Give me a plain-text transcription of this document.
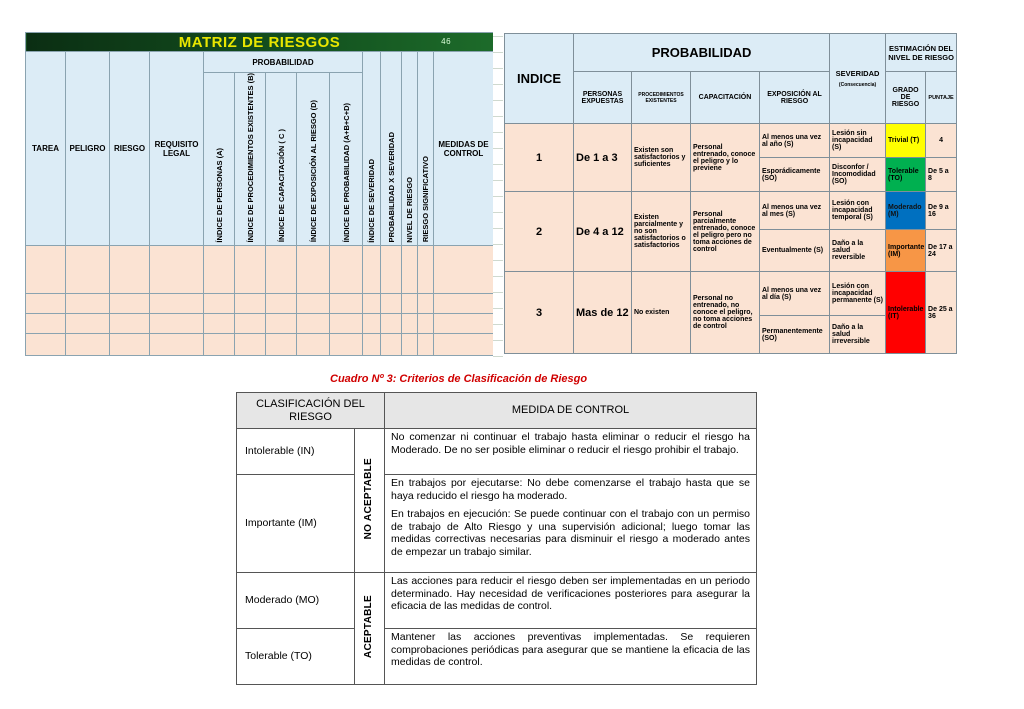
MATRIZ DE RIESGOS 46													

TAREA	PELIGRO	RIESGO	REQUISITO LEGAL	PROBABILIDAD					ÍNDICE DE SEVERIDAD	PROBABILIDAD X SEVERIDAD	NIVEL DE RIESGO	RIESGO SIGNIFICATIVO	MEDIDAS DE CONTROL

				ÍNDICE DE PERSONAS (A)	ÍNDICE DE PROCEDIMIENTOS EXISTENTES (B)	ÍNDICE DE CAPACITACIÓN ( C )	ÍNDICE DE EXPOSICIÓN AL RIESGO (D)	ÍNDICE DE PROBABILIDAD (A+B+C+D)					

INDICE	PROBABILIDAD				SEVERIDAD
(Consecuencia)	ESTIMACIÓN DEL NIVEL DE RIESGO	
	PERSONAS EXPUESTAS	PROCEDIMIENTOS EXISTENTES	CAPACITACIÓN	EXPOSICIÓN AL RIESGO		GRADO DE RIESGO	PUNTAJE
1	De 1 a 3	Existen son satisfactorios y suficientes	Personal entrenado, conoce el peligro y lo previene	Al menos una vez al año (S)	Lesión sin incapacidad (S)	Trivial (T)	4
				Esporádicamente (SO)	Disconfor / Incomodidad (SO)	Tolerable (TO)	De 5 a 8
2	De 4 a 12	Existen parcialmente y no son satisfactorios o satisfactorios	Personal parcialmente entrenado, conoce el peligro pero no toma acciones de control	Al menos una vez al mes (S)	Lesión con incapacidad temporal (S)	Moderado (M)	De 9 a 16
				Eventualmente (S)	Daño a la salud reversible	Importante (IM)	De 17 a 24
3	Mas de 12	No existen	Personal no entrenado, no conoce el peligro, no toma acciones de control	Al menos una vez al día (S)	Lesión con incapacidad permanente (S)	Intolerable (IT)	De 25 a 36
				Permanentemente (SO)	Daño a la salud irreversible		
Cuadro Nº 3: Criterios de Clasificación de Riesgo
CLASIFICACIÓN DEL RIESGO		MEDIDA DE CONTROL
Intolerable (IN)	NO ACEPTABLE	No comenzar ni continuar el trabajo hasta eliminar o reducir el riesgo ha Moderado. De no ser posible eliminar o reducir el riesgo prohibir el trabajo.

Importante (IM)		En trabajos por ejecutarse: No debe comenzarse el trabajo hasta que se haya reducido el riesgo ha moderado.

En trabajos en ejecución: Se puede continuar con el trabajo con un permiso de trabajo de Alto Riesgo y una supervisión adicional; luego tomar las medidas correctivas necesarias para disminuir el riesgo a moderado antes de empezar un trabajo similar.

Moderado (MO)	ACEPTABLE	Las acciones para reducir el riesgo deben ser implementadas en un periodo determinado. Hay necesidad de verificaciones posteriores para asegurar la eficacia de las medidas de control.

Tolerable (TO)		Mantener las acciones preventivas implementadas. Se requieren comprobaciones periódicas para asegurar que se mantiene la eficacia de las medidas de control.
